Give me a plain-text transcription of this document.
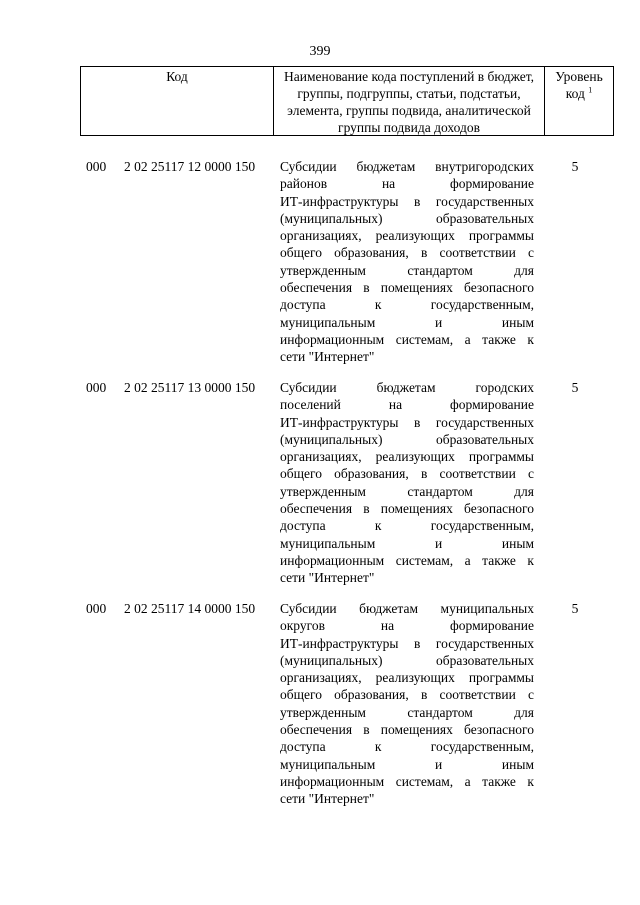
399
Код	Наименование кода поступлений в бюджет, группы, подгруппы, статьи, подстатьи, элемента, группы подвида, аналитической группы подвида доходов
Уровень код $^1$
000 2 02 25117 12 0000 150 Субсидии бюджетам внутригородских
районов на формирование
ИТ-инфраструктуры в государственных
(муниципальных) образовательных
организациях, реализующих программы
общего образования, в соответствии с
утвержденным стандартом для
обеспечения в помещениях безопасного
доступа к государственным,
муниципальным и иным
информационным системам, а также к
сети "Интернет"
5
000 2 02 25117 13 0000 150 Субсидии бюджетам городских
поселений на формирование
ИТ-инфраструктуры в государственных
(муниципальных) образовательных
организациях, реализующих программы
общего образования, в соответствии с
утвержденным стандартом для
обеспечения в помещениях безопасного
доступа к государственным,
муниципальным и иным
информационным системам, а также к
сети "Интернет"
5
000 2 02 25117 14 0000 150 Субсидии бюджетам муниципальных
округов на формирование
ИТ-инфраструктуры в государственных
(муниципальных) образовательных
организациях, реализующих программы
общего образования, в соответствии с
утвержденным стандартом для
обеспечения в помещениях безопасного
доступа к государственным,
муниципальным и иным
информационным системам, а также к
сети "Интернет"
5
